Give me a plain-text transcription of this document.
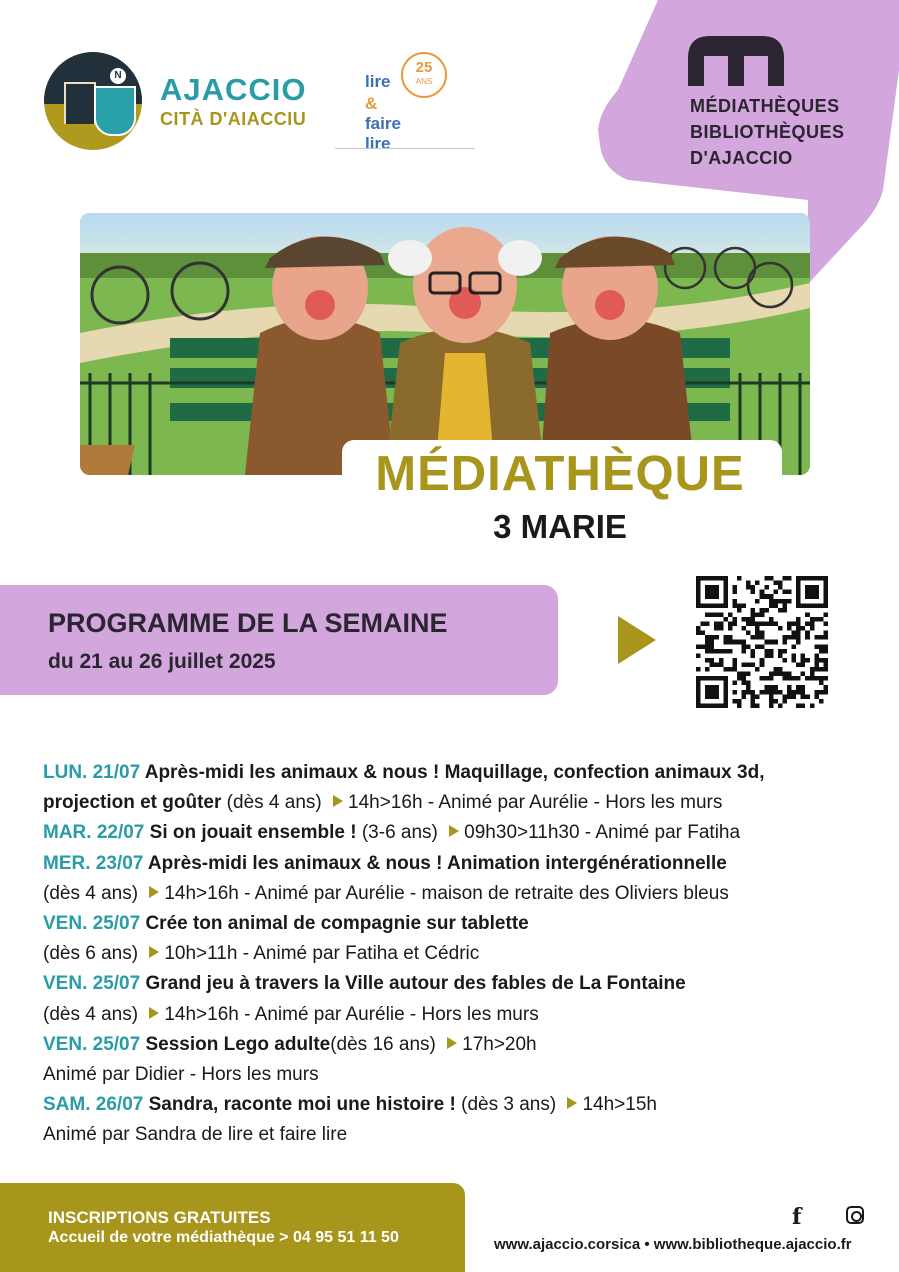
N AJACCIO
CITÀ D'AIACCIU
25
ANS
lire
&
faire
lire
MÉDIATHÈQUES
BIBLIOTHÈQUES
D'AJACCIO
MÉDIATHÈQUE
3 MARIE
PROGRAMME DE LA SEMAINE
du 21 au 26 juillet 2025
LUN. 21/07 Après-midi les animaux & nous ! Maquillage, confection animaux 3d,
projection et goûter (dès 4 ans) 14h>16h - Animé par Aurélie - Hors les murs
MAR. 22/07 Si on jouait ensemble ! (3-6 ans) 09h30>11h30 - Animé par Fatiha
MER. 23/07 Après-midi les animaux & nous ! Animation intergénérationnelle
(dès 4 ans) 14h>16h - Animé par Aurélie - maison de retraite des Oliviers bleus
VEN. 25/07 Crée ton animal de compagnie sur tablette
(dès 6 ans) 10h>11h - Animé par Fatiha et Cédric
VEN. 25/07 Grand jeu à travers la Ville autour des fables de La Fontaine
(dès 4 ans) 14h>16h - Animé par Aurélie - Hors les murs
VEN. 25/07 Session Lego adulte(dès 16 ans) 17h>20h
Animé par Didier - Hors les murs
SAM. 26/07 Sandra, raconte moi une histoire ! (dès 3 ans) 14h>15h
Animé par Sandra de lire et faire lire
INSCRIPTIONS GRATUITES
Accueil de votre médiathèque > 04 95 51 11 50
f
www.ajaccio.corsica • www.bibliotheque.ajaccio.fr
